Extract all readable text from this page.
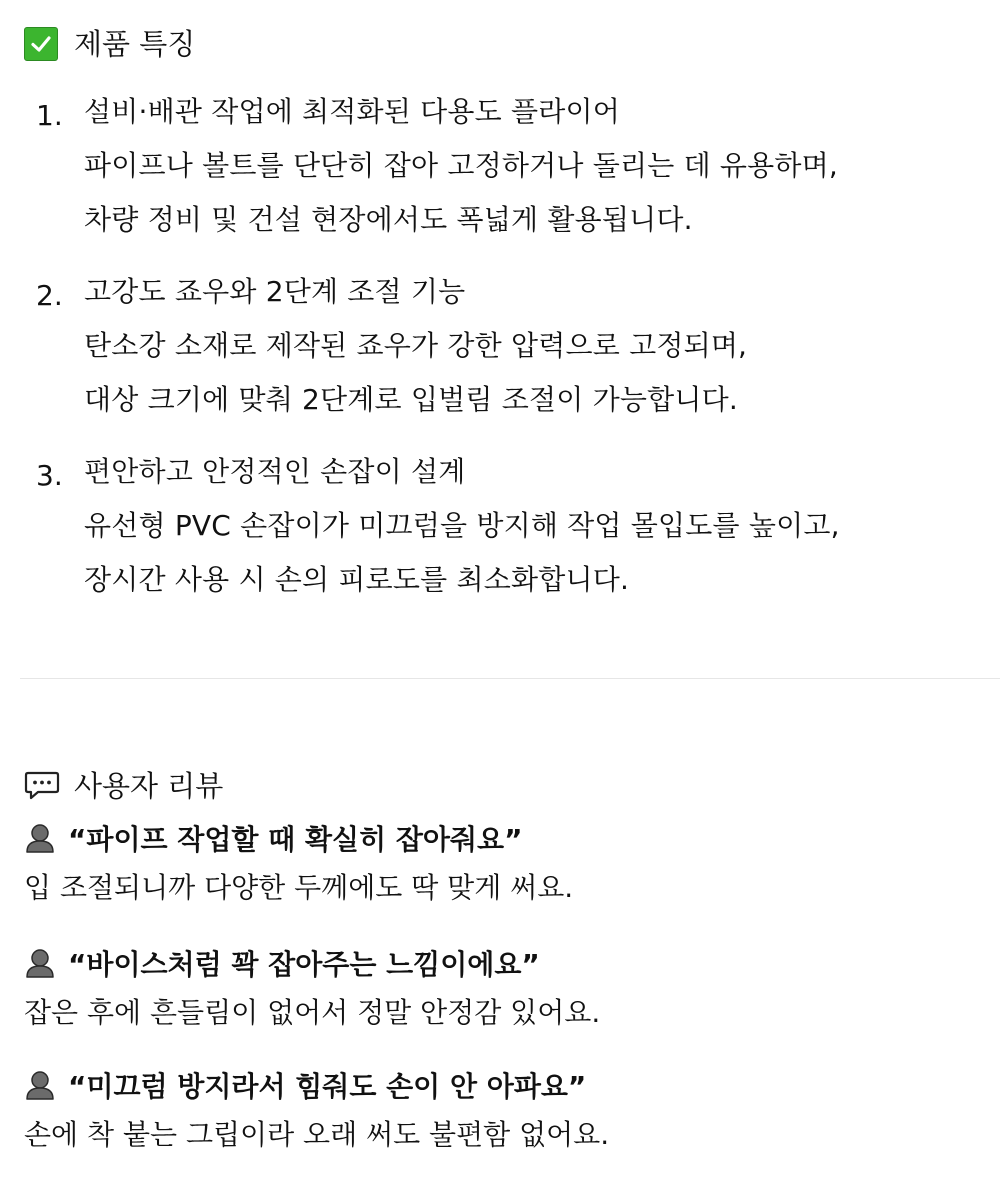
제품 특징
1. 설비·배관 작업에 최적화된 다용도 플라이어
파이프나 볼트를 단단히 잡아 고정하거나 돌리는 데 유용하며,
차량 정비 및 건설 현장에서도 폭넓게 활용됩니다.
2. 고강도 죠우와 2단계 조절 기능
탄소강 소재로 제작된 죠우가 강한 압력으로 고정되며,
대상 크기에 맞춰 2단계로 입벌림 조절이 가능합니다.
3. 편안하고 안정적인 손잡이 설계
유선형 PVC 손잡이가 미끄럼을 방지해 작업 몰입도를 높이고,
장시간 사용 시 손의 피로도를 최소화합니다.
사용자 리뷰
“파이프 작업할 때 확실히 잡아줘요”
입 조절되니까 다양한 두께에도 딱 맞게 써요.
“바이스처럼 꽉 잡아주는 느낌이에요”
잡은 후에 흔들림이 없어서 정말 안정감 있어요.
“미끄럼 방지라서 힘줘도 손이 안 아파요”
손에 착 붙는 그립이라 오래 써도 불편함 없어요.
